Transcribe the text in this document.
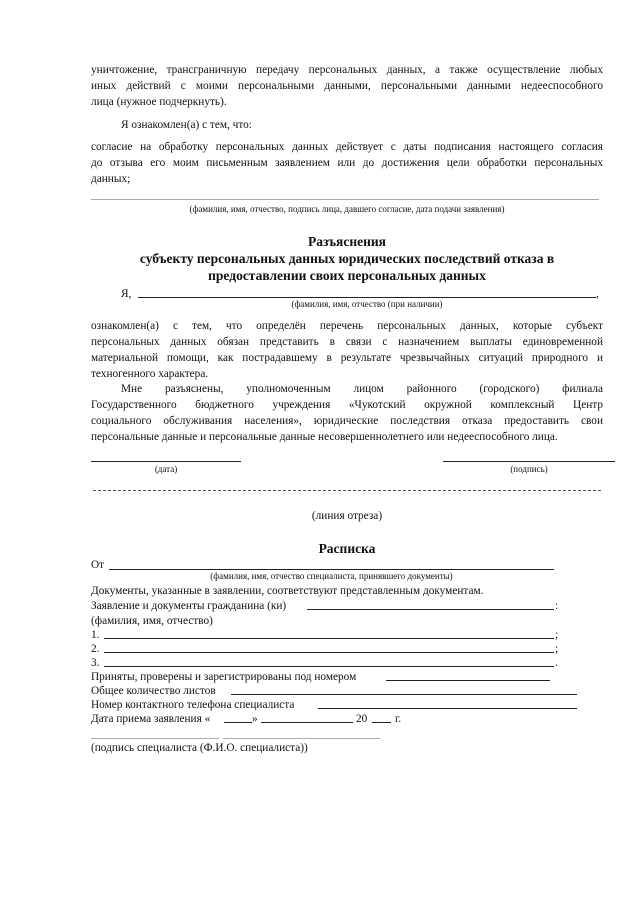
уничтожение, трансграничную передачу персональных данных, а также осуществление любых
иных действий с моими персональными данными, персональными данными недееспособного
лица (нужное подчеркнуть).
Я ознакомлен(а) с тем, что:
согласие на обработку персональных данных действует с даты подписания настоящего согласия
до отзыва его моим письменным заявлением или до достижения цели обработки персональных
данных;
(фамилия, имя, отчество, подпись лица, давшего согласие, дата подачи заявления)
Разъяснения
субъекту персональных данных юридических последствий отказа в
предоставлении своих персональных данных
Я,	,
(фамилия, имя, отчество (при наличии)
ознакомлен(а) с тем, что определён перечень персональных данных, которые субъект
персональных данных обязан представить в связи с назначением выплаты единовременной
материальной помощи, как пострадавшему в результате чрезвычайных ситуаций природного и
техногенного характера.
Мне разъяснены, уполномоченным лицом районного (городского) филиала
Государственного бюджетного учреждения «Чукотский окружной комплексный Центр
социального обслуживания населения», юридические последствия отказа предоставить свои
персональные данные и персональные данные несовершеннолетнего или недееспособного лица.
(дата)	(подпись)
(линия отреза)
Расписка
От
(фамилия, имя, отчество специалиста, принявшего документы)
Документы, указанные в заявлении, соответствуют представленным документам.
Заявление и документы гражданина (ки)	:
(фамилия, имя, отчество)
1.	;
2.	;
3.	.
Приняты, проверены и зарегистрированы под номером
Общее количество листов
Номер контактного телефона специалиста
Дата приема заявления «	»	20 г.
(подпись специалиста (Ф.И.О. специалиста))
